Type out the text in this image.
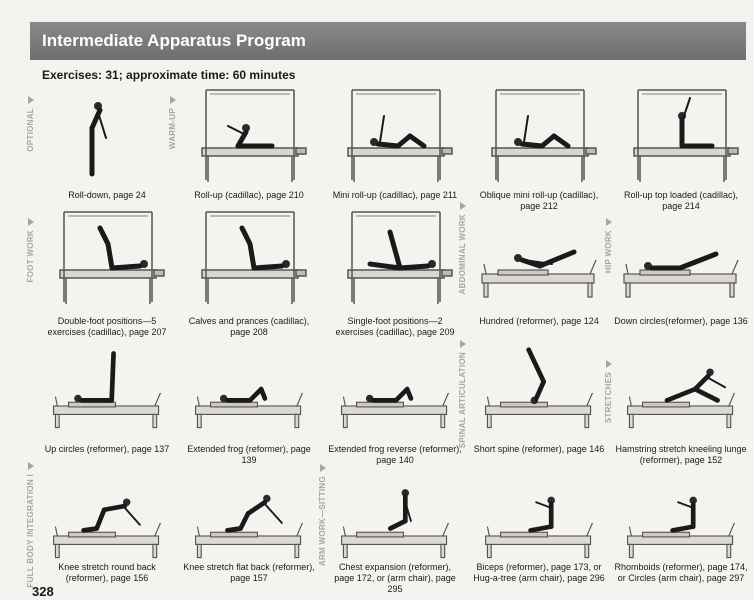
Intermediate Apparatus Program
Exercises: 31; approximate time: 60 minutes
328
OPTIONAL	WARM-UP
FOOT WORK	ABDOMINAL WORK	HIP WORK
SPINAL ARTICULATION	STRETCHES
FULL BODY INTEGRATION I	ARM WORK—SITTING
Roll-down, page 24	Roll-up (cadillac), page 210	Mini roll-up (cadillac), page 211	Oblique mini roll-up (cadillac), page 212
Roll-up top loaded (cadillac), page 214
Double-foot positions—5 exercises (cadillac), page 207
Calves and prances (cadillac), page 208
Single-foot positions—2 exercises (cadillac), page 209
Hundred (reformer), page 124	Down circles(reformer), page 136
Up circles (reformer), page 137	Extended frog (reformer), page 139
Extended frog reverse (reformer), page 140
Short spine (reformer), page 146 Hamstring stretch kneeling lunge (reformer), page 152
Knee stretch round back (reformer), page 156
Knee stretch flat back (reformer), page 157
Chest expansion (reformer), page 172, or (arm chair), page 295
Biceps (reformer), page 173, or Hug-a-tree (arm chair), page 296
Rhomboids (reformer), page 174, or Circles (arm chair), page 297
